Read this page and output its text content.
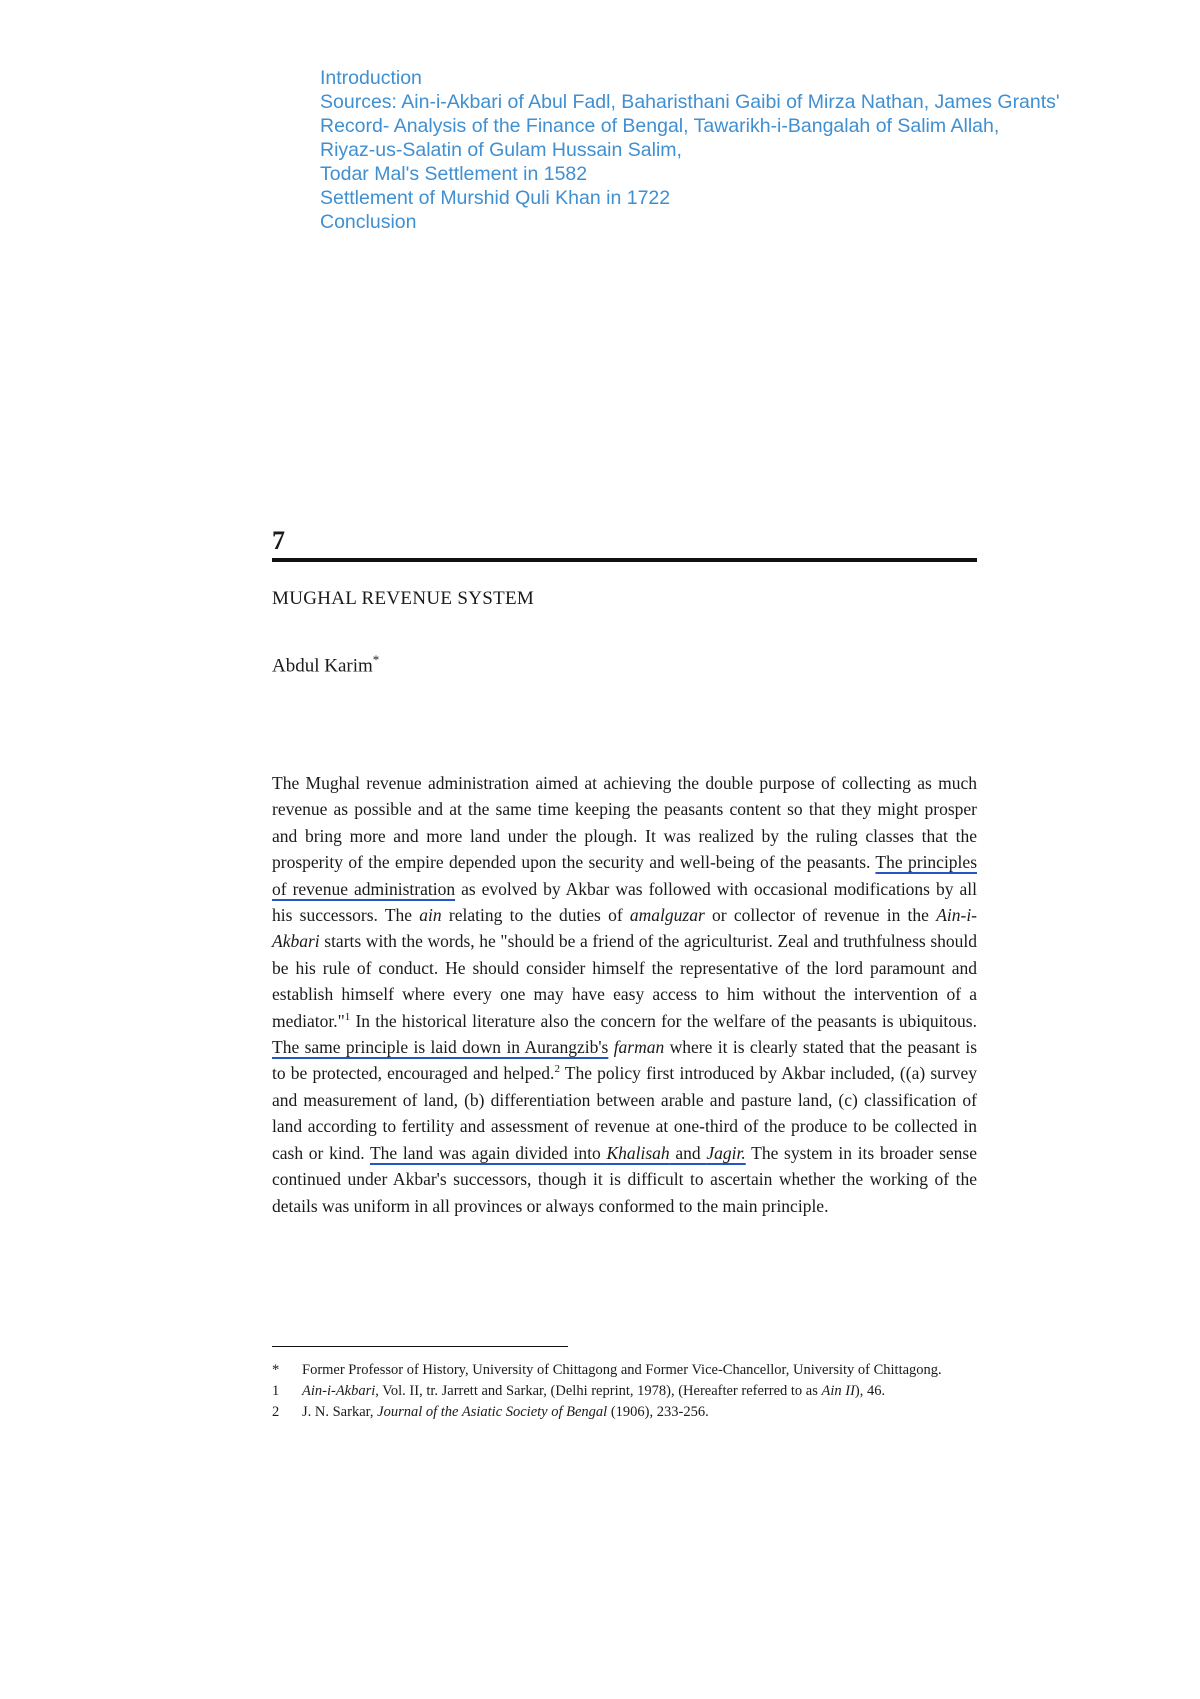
Introduction
Sources: Ain-i-Akbari of Abul Fadl, Baharisthani Gaibi of Mirza Nathan, James Grants'
Record- Analysis of the Finance of Bengal, Tawarikh-i-Bangalah of Salim Allah,
Riyaz-us-Salatin of Gulam Hussain Salim,
Todar Mal's Settlement in 1582
Settlement of Murshid Quli Khan in 1722
Conclusion
7
MUGHAL REVENUE SYSTEM
Abdul Karim*
The Mughal revenue administration aimed at achieving the double purpose of collecting as much revenue as possible and at the same time keeping the peasants content so that they might prosper and bring more and more land under the plough. It was realized by the ruling classes that the prosperity of the empire depended upon the security and well-being of the peasants. The principles of revenue administration as evolved by Akbar was followed with occasional modifications by all his successors. The ain relating to the duties of amalguzar or collector of revenue in the Ain-i-Akbari starts with the words, he "should be a friend of the agriculturist. Zeal and truthfulness should be his rule of conduct. He should consider himself the representative of the lord paramount and establish himself where every one may have easy access to him without the intervention of a mediator."$^1$ In the historical literature also the concern for the welfare of the peasants is ubiquitous. The same principle is laid down in Aurangzib's farman where it is clearly stated that the peasant is to be protected, encouraged and helped.$^2$ The policy first introduced by Akbar included, ((a) survey and measurement of land, (b) differentiation between arable and pasture land, (c) classification of land according to fertility and assessment of revenue at one-third of the produce to be collected in cash or kind. The land was again divided into Khalisah and Jagir. The system in its broader sense continued under Akbar's successors, though it is difficult to ascertain whether the working of the details was uniform in all provinces or always conformed to the main principle.
*	Former Professor of History, University of Chittagong and Former Vice-Chancellor, University of Chittagong.
1	Ain-i-Akbari, Vol. II, tr. Jarrett and Sarkar, (Delhi reprint, 1978), (Hereafter referred to as Ain II), 46.
2	J. N. Sarkar, Journal of the Asiatic Society of Bengal (1906), 233-256.
